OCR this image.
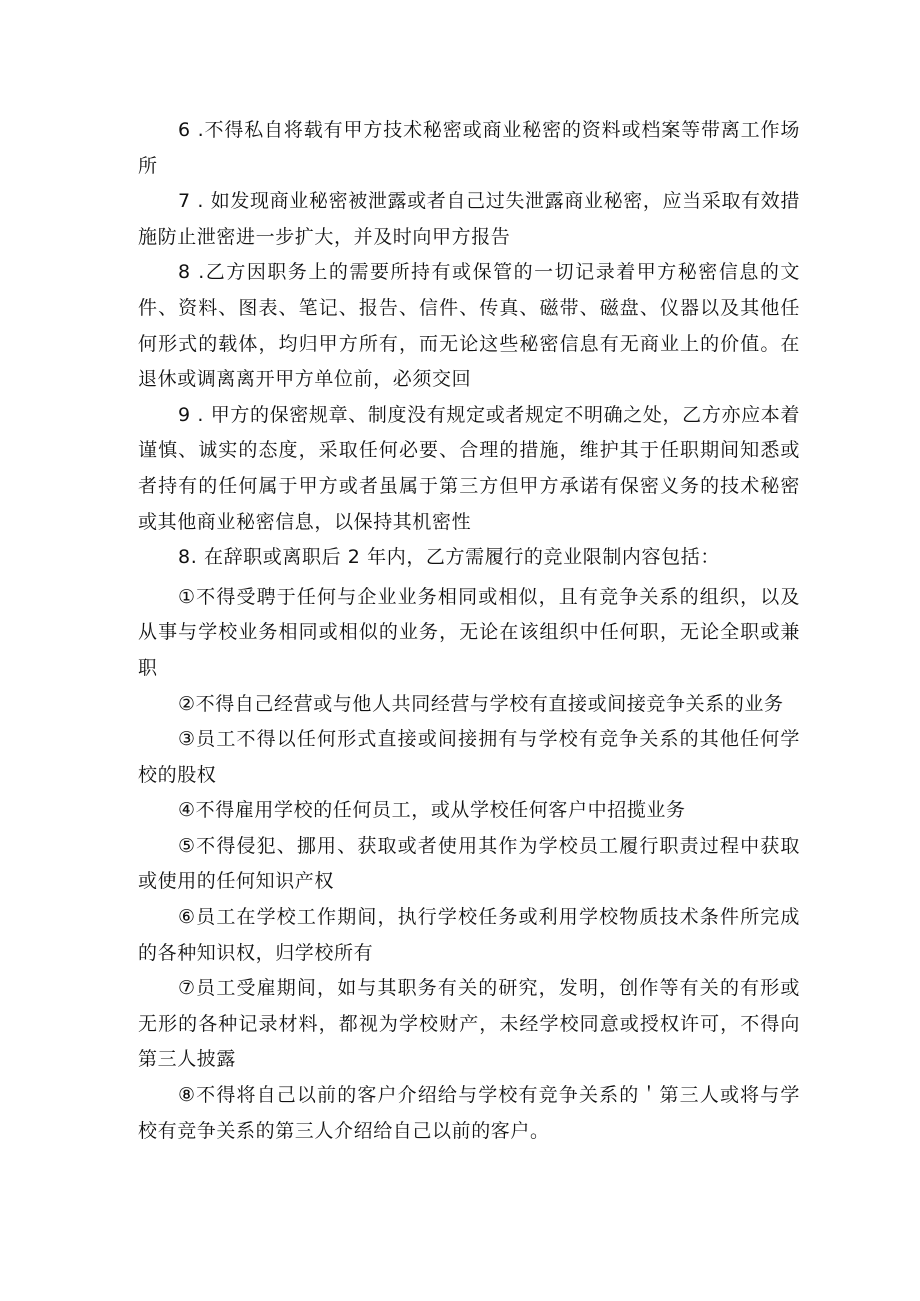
6 .不得私自将载有甲方技术秘密或商业秘密的资料或档案等带离工作场所

7 . 如发现商业秘密被泄露或者自己过失泄露商业秘密，应当采取有效措施防止泄密进一步扩大，并及时向甲方报告

8 .乙方因职务上的需要所持有或保管的一切记录着甲方秘密信息的文件、资料、图表、笔记、报告、信件、传真、磁带、磁盘、仪器以及其他任何形式的载体，均归甲方所有，而无论这些秘密信息有无商业上的价值。在退休或调离离开甲方单位前，必须交回

9 . 甲方的保密规章、制度没有规定或者规定不明确之处，乙方亦应本着谨慎、诚实的态度，采取任何必要、合理的措施，维护其于任职期间知悉或者持有的任何属于甲方或者虽属于第三方但甲方承诺有保密义务的技术秘密或其他商业秘密信息，以保持其机密性

8. 在辞职或离职后 2 年内，乙方需履行的竞业限制内容包括：

①不得受聘于任何与企业业务相同或相似，且有竞争关系的组织，以及从事与学校业务相同或相似的业务，无论在该组织中任何职，无论全职或兼职

②不得自己经营或与他人共同经营与学校有直接或间接竞争关系的业务

③员工不得以任何形式直接或间接拥有与学校有竞争关系的其他任何学校的股权

④不得雇用学校的任何员工，或从学校任何客户中招揽业务

⑤不得侵犯、挪用、获取或者使用其作为学校员工履行职责过程中获取或使用的任何知识产权

⑥员工在学校工作期间，执行学校任务或利用学校物质技术条件所完成的各种知识权，归学校所有

⑦员工受雇期间，如与其职务有关的研究，发明，创作等有关的有形或无形的各种记录材料，都视为学校财产，未经学校同意或授权许可，不得向第三人披露

⑧不得将自己以前的客户介绍给与学校有竞争关系的＇第三人或将与学校有竞争关系的第三人介绍给自己以前的客户。
